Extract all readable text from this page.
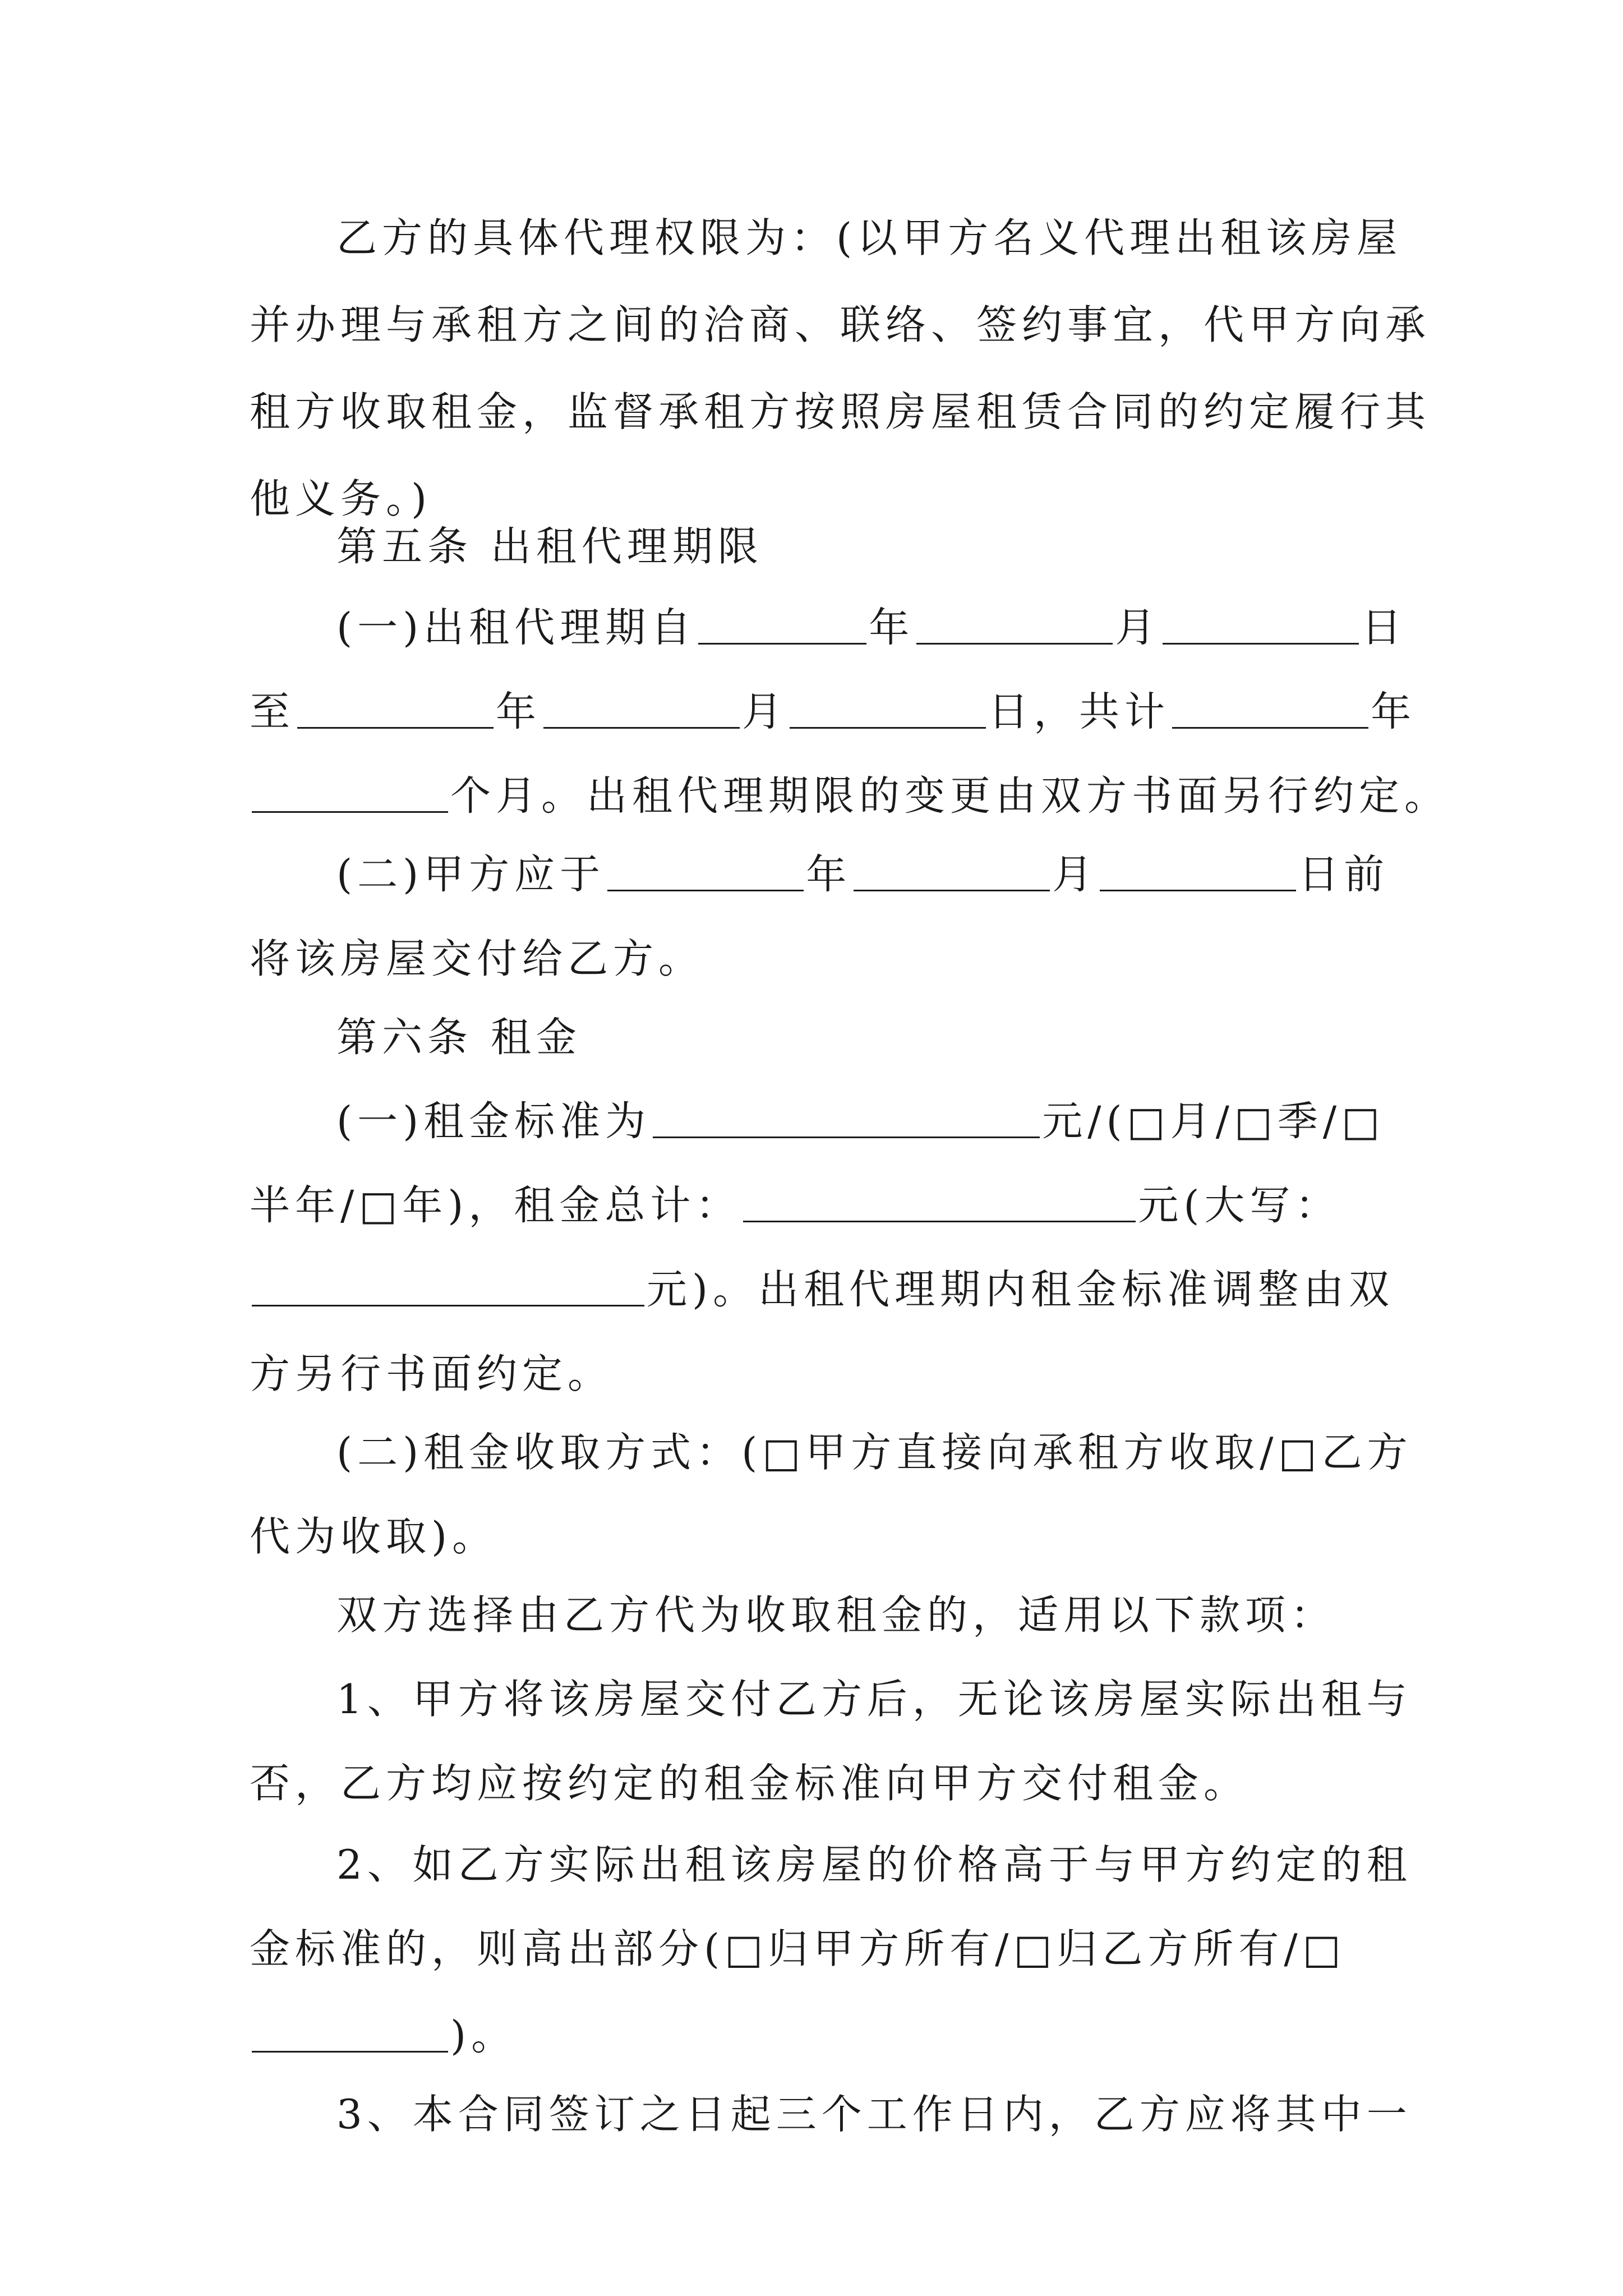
乙方的具体代理权限为：(以甲方名义代理出租该房屋
并办理与承租方之间的洽商、联络、签约事宜，代甲方向承
租方收取租金，监督承租方按照房屋租赁合同的约定履行其
他义务。)
第五条 出租代理期限
(一)出租代理期自	年	月	日
至	年	月	日，共计	年
个月。出租代理期限的变更由双方书面另行约定。
(二)甲方应于	年	月	日前
将该房屋交付给乙方。
第六条 租金
(一)租金标准为	元/(□月/□季/□
半年/□年)，租金总计：	元(大写：
元)。出租代理期内租金标准调整由双
方另行书面约定。
(二)租金收取方式：(□甲方直接向承租方收取/□乙方
代为收取)。
双方选择由乙方代为收取租金的，适用以下款项：
1、甲方将该房屋交付乙方后，无论该房屋实际出租与
否，乙方均应按约定的租金标准向甲方交付租金。
2、如乙方实际出租该房屋的价格高于与甲方约定的租
金标准的，则高出部分(□归甲方所有/□归乙方所有/□
)。
3、本合同签订之日起三个工作日内，乙方应将其中一
